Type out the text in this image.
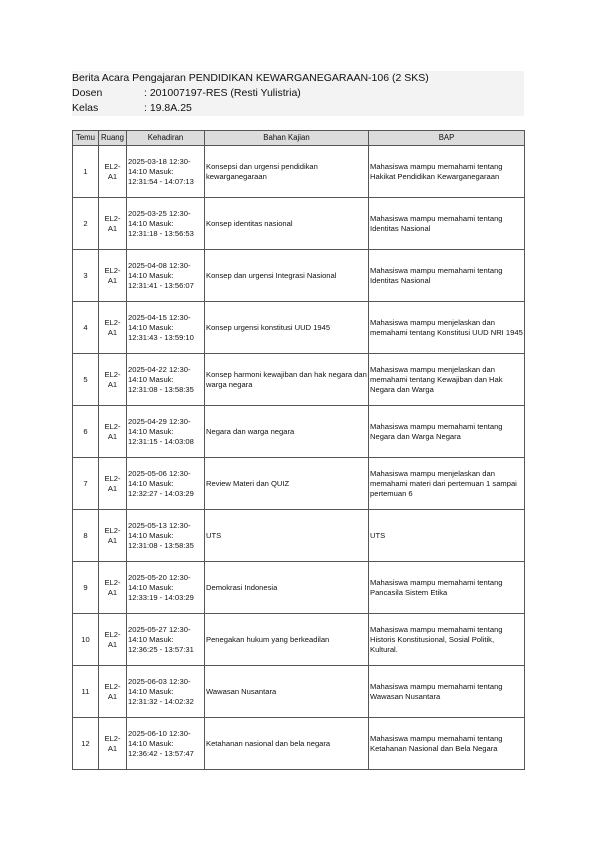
Berita Acara Pengajaran PENDIDIKAN KEWARGANEGARAAN-106 (2 SKS)
Dosen	: 201007197-RES (Resti Yulistria)
Kelas	: 19.8A.25
Temu	Ruang	Kehadiran	Bahan Kajian	BAP
1	EL2-A1	2025-03-18 12:30-14:10 Masuk: 12:31:54 - 14:07:13	Konsepsi dan urgensi pendidikan kewarganegaraan	Mahasiswa mampu memahami tentang Hakikat Pendidikan Kewarganegaraan
2	EL2-A1	2025-03-25 12:30-14:10 Masuk: 12:31:18 - 13:56:53	Konsep identitas nasional	Mahasiswa mampu memahami tentang Identitas Nasional
3	EL2-A1	2025-04-08 12:30-14:10 Masuk: 12:31:41 - 13:56:07	Konsep dan urgensi Integrasi Nasional	Mahasiswa mampu memahami tentang Identitas Nasional
4	EL2-A1	2025-04-15 12:30-14:10 Masuk: 12:31:43 - 13:59:10	Konsep urgensi konstitusi UUD 1945	Mahasiswa mampu menjelaskan dan memahami tentang Konstitusi UUD NRI 1945
5	EL2-A1	2025-04-22 12:30-14:10 Masuk: 12:31:08 - 13:58:35	Konsep harmoni kewajiban dan hak negara dan warga negara	Mahasiswa mampu menjelaskan dan memahami tentang Kewajiban dan Hak Negara dan Warga
6	EL2-A1	2025-04-29 12:30-14:10 Masuk: 12:31:15 - 14:03:08	Negara dan warga negara	Mahasiswa mampu memahami tentang Negara dan Warga Negara
7	EL2-A1	2025-05-06 12:30-14:10 Masuk: 12:32:27 - 14:03:29	Review Materi dan QUIZ	Mahasiswa mampu menjelaskan dan memahami materi dari pertemuan 1 sampai pertemuan 6
8	EL2-A1	2025-05-13 12:30-14:10 Masuk: 12:31:08 - 13:58:35	UTS	UTS
9	EL2-A1	2025-05-20 12:30-14:10 Masuk: 12:33:19 - 14:03:29	Demokrasi Indonesia	Mahasiswa mampu memahami tentang Pancasila Sistem Etika
10	EL2-A1	2025-05-27 12:30-14:10 Masuk: 12:36:25 - 13:57:31	Penegakan hukum yang berkeadilan	Mahasiswa mampu memahami tentang Historis Konstitusional, Sosial Politik, Kultural.
11	EL2-A1	2025-06-03 12:30-14:10 Masuk: 12:31:32 - 14:02:32	Wawasan Nusantara	Mahasiswa mampu memahami tentang Wawasan Nusantara
12	EL2-A1	2025-06-10 12:30-14:10 Masuk: 12:36:42 - 13:57:47	Ketahanan nasional dan bela negara	Mahasiswa mampu memahami tentang Ketahanan Nasional dan Bela Negara
